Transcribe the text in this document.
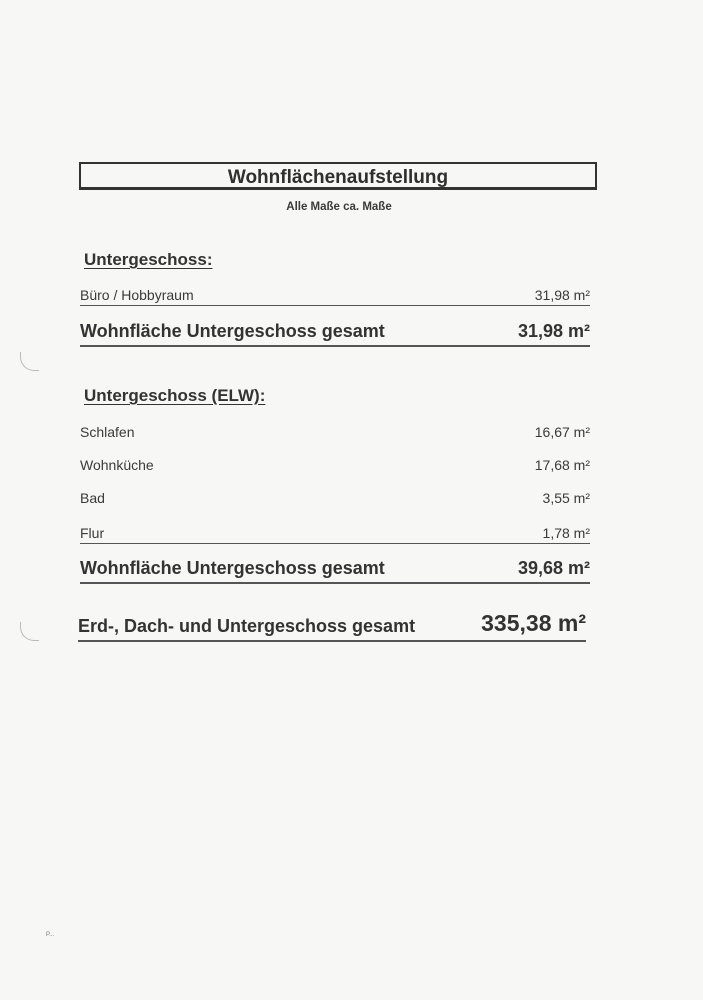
Wohnflächenaufstellung
Alle Maße ca. Maße
Untergeschoss:
Büro / Hobbyraum	31,98 m²
Wohnfläche Untergeschoss gesamt	31,98 m²
Untergeschoss (ELW):
Schlafen	16,67 m²
Wohnküche	17,68 m²
Bad	3,55 m²
Flur	1,78 m²
Wohnfläche Untergeschoss gesamt	39,68 m²
Erd-, Dach- und Untergeschoss gesamt	335,38 m²
P...
